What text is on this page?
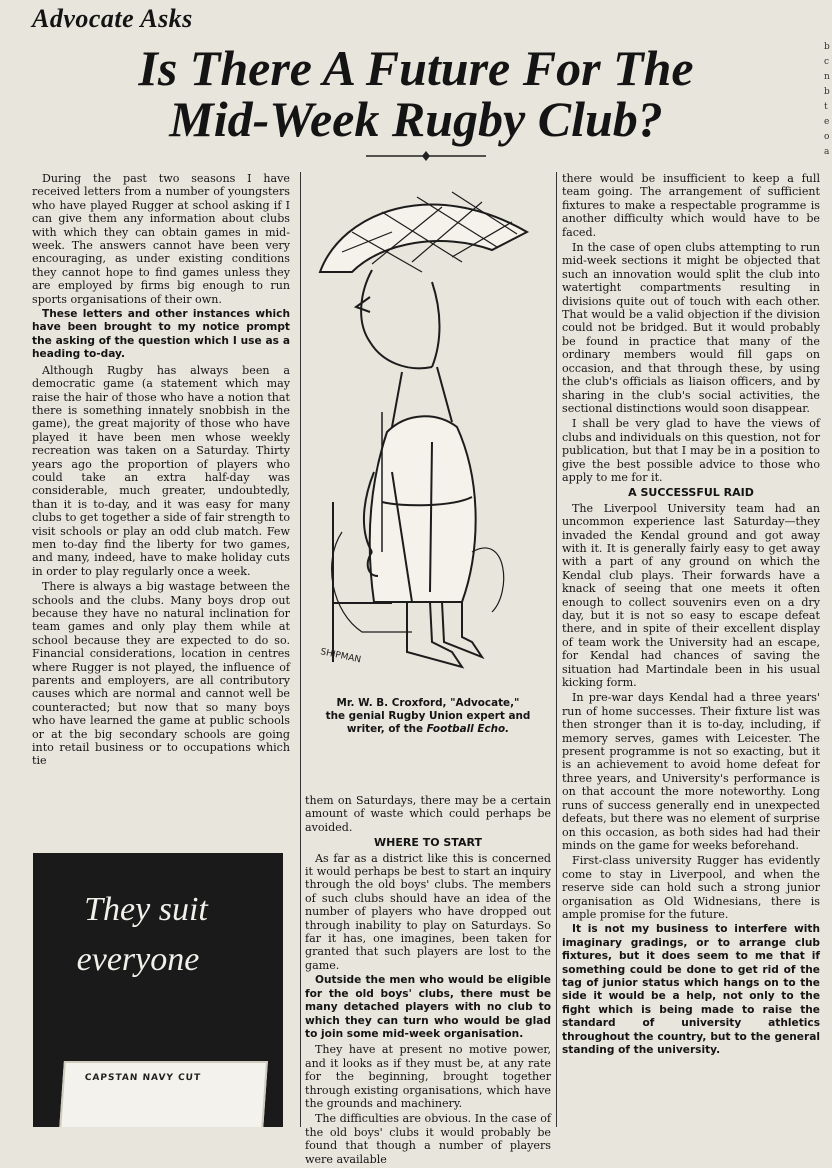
Advocate Asks
Is There A Future For The
Mid-Week Rugby Club?

During the past two seasons I have received letters from a number of youngsters who have played Rugger at school asking if I can give them any information about clubs with which they can obtain games in mid-week. The answers cannot have been very encouraging, as under existing conditions they cannot hope to find games unless they are employed by firms big enough to run sports organisations of their own.

These letters and other instances which have been brought to my notice prompt the asking of the question which I use as a heading to-day.

Although Rugby has always been a democratic game (a statement which may raise the hair of those who have a notion that there is something innately snobbish in the game), the great majority of those who have played it have been men whose weekly recreation was taken on a Saturday. Thirty years ago the proportion of players who could take an extra half-day was considerable, much greater, undoubtedly, than it is to-day, and it was easy for many clubs to get together a side of fair strength to visit schools or play an odd club match. Few men to-day find the liberty for two games, and many, indeed, have to make holiday cuts in order to play regularly once a week.

There is always a big wastage between the schools and the clubs. Many boys drop out because they have no natural inclination for team games and only play them while at school because they are expected to do so. Financial considerations, location in centres where Rugger is not played, the influence of parents and employers, are all contributory causes which are normal and cannot well be counteracted; but now that so many boys who have learned the game at public schools or at the big secondary schools are going into retail business or to occupations which tie

them on Saturdays, there may be a certain amount of waste which could perhaps be avoided.

WHERE TO START

As far as a district like this is concerned it would perhaps be best to start an inquiry through the old boys' clubs. The members of such clubs should have an idea of the number of players who have dropped out through inability to play on Saturdays. So far it has, one imagines, been taken for granted that such players are lost to the game.

Outside the men who would be eligible for the old boys' clubs, there must be many detached players with no club to which they can turn who would be glad to join some mid-week organisation.

They have at present no motive power, and it looks as if they must be, at any rate for the beginning, brought together through existing organisations, which have the grounds and machinery.

The difficulties are obvious. In the case of the old boys' clubs it would probably be found that though a number of players were available

there would be insufficient to keep a full team going. The arrangement of sufficient fixtures to make a respectable programme is another difficulty which would have to be faced.

In the case of open clubs attempting to run mid-week sections it might be objected that such an innovation would split the club into watertight compartments resulting in divisions quite out of touch with each other. That would be a valid objection if the division could not be bridged. But it would probably be found in practice that many of the ordinary members would fill gaps on occasion, and that through these, by using the club's officials as liaison officers, and by sharing in the club's social activities, the sectional distinctions would soon disappear.

I shall be very glad to have the views of clubs and individuals on this question, not for publication, but that I may be in a position to give the best possible advice to those who apply to me for it.

A SUCCESSFUL RAID

The Liverpool University team had an uncommon experience last Saturday—they invaded the Kendal ground and got away with it. It is generally fairly easy to get away with a part of any ground on which the Kendal club plays. Their forwards have a knack of seeing that one meets it often enough to collect souvenirs even on a dry day, but it is not so easy to escape defeat there, and in spite of their excellent display of team work the University had an escape, for Kendal had chances of saving the situation had Martindale been in his usual kicking form.

In pre-war days Kendal had a three years' run of home successes. Their fixture list was then stronger than it is to-day, including, if memory serves, games with Leicester. The present programme is not so exacting, but it is an achievement to avoid home defeat for three years, and University's performance is on that account the more noteworthy. Long runs of success generally end in unexpected defeats, but there was no element of surprise on this occasion, as both sides had had their minds on the game for weeks beforehand.

First-class university Rugger has evidently come to stay in Liverpool, and when the reserve side can hold such a strong junior organisation as Old Widnesians, there is ample promise for the future.

It is not my business to interfere with imaginary gradings, or to arrange club fixtures, but it does seem to me that if something could be done to get rid of the tag of junior status which hangs on to the side it would be a help, not only to the fight which is being made to raise the standard of university athletics throughout the country, but to the general standing of the university.

SHIPMAN
Mr. W. B. Croxford, "Advocate,"
the genial Rugby Union expert and
writer, of the Football Echo.
They suit
everyone
CAPSTAN NAVY CUT
b
c
n
b
t
e
o
a
